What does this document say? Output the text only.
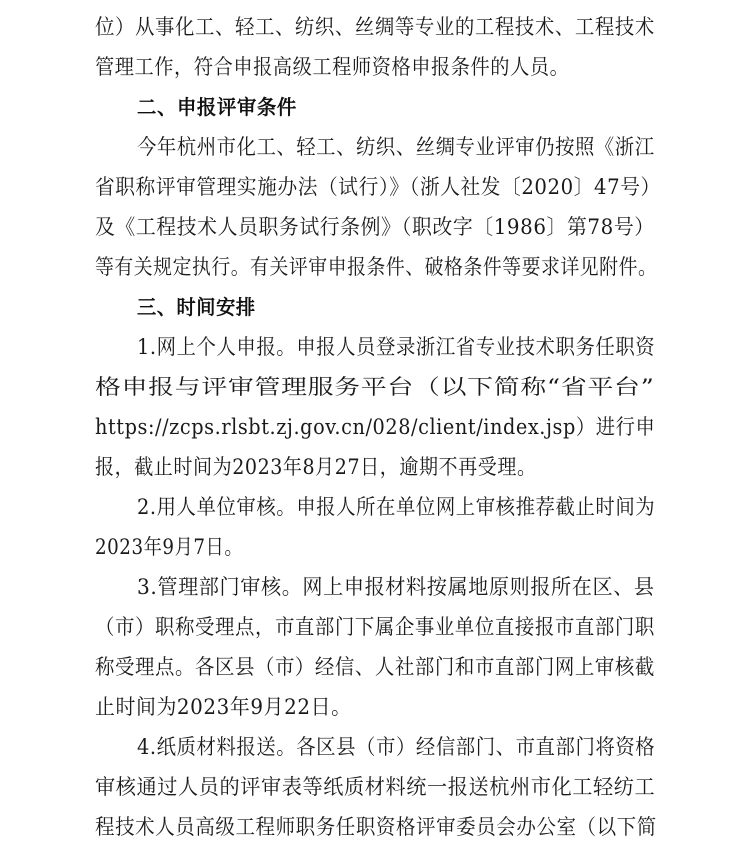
位）从事化工、轻工、纺织、丝绸等专业的工程技术、工程技术
管理工作，符合申报高级工程师资格申报条件的人员。
二、申报评审条件
今年杭州市化工、轻工、纺织、丝绸专业评审仍按照《浙江
省职称评审管理实施办法（试行）》（浙人社发〔2020〕47号）
及《工程技术人员职务试行条例》（职改字〔1986〕第78号）
等有关规定执行。有关评审申报条件、破格条件等要求详见附件。
三、时间安排
1.网上个人申报。申报人员登录浙江省专业技术职务任职资
格申报与评审管理服务平台（以下简称“省平台”
https://zcps.rlsbt.zj.gov.cn/028/client/index.jsp）进行申
报，截止时间为2023年8月27日，逾期不再受理。
2.用人单位审核。申报人所在单位网上审核推荐截止时间为
2023年9月7日。
3.管理部门审核。网上申报材料按属地原则报所在区、县
（市）职称受理点，市直部门下属企事业单位直接报市直部门职
称受理点。各区县（市）经信、人社部门和市直部门网上审核截
止时间为2023年9月22日。
4.纸质材料报送。各区县（市）经信部门、市直部门将资格
审核通过人员的评审表等纸质材料统一报送杭州市化工轻纺工
程技术人员高级工程师职务任职资格评审委员会办公室（以下简
